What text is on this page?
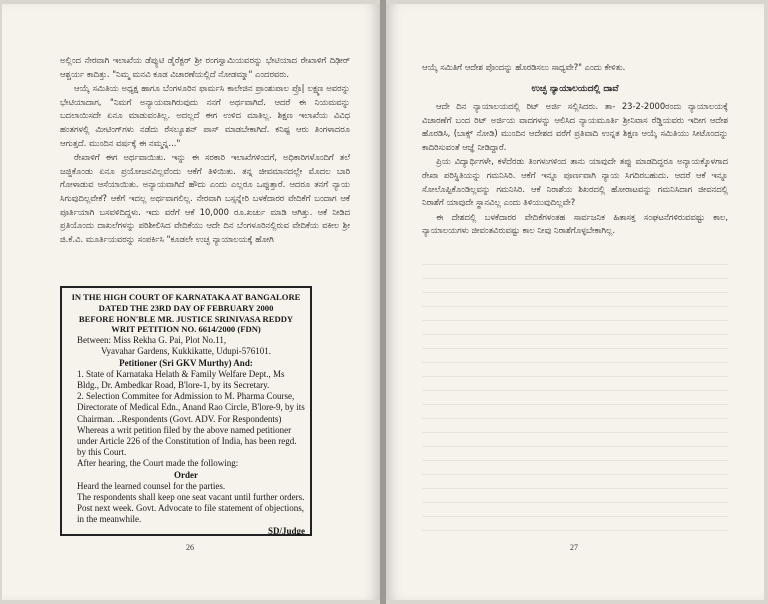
ಅಲ್ಲಿಂದ ನೇರವಾಗಿ ಇಲಾಖೆಯ ಡೆಪ್ಯುಟಿ ಡೈರೆಕ್ಟರ್ ಶ್ರೀ ರಂಗಸ್ವಾಮಿಯವರನ್ನು ಭೇಟಿಯಾದ ರೇಖಾಳಿಗೆ ದಿಢೀರ್ ಆಶ್ಚರ್ಯ ಕಾದಿತ್ತು. "ನಿಮ್ಮ ಮನವಿ ಕೂಡ ವಿಚಾರಣೆಯಲ್ಲಿದೆ ನೋಡಮ್ಮಾ" ಎಂದರವರು.

ಆಯ್ಕೆ ಸಮಿತಿಯ ಅಧ್ಯಕ್ಷ ಹಾಗೂ ಬೆಂಗಳೂರಿನ ಫಾರ್ಮಸಿ ಕಾಲೇಜಿನ ಪ್ರಾಂಶುಪಾಲ ಪ್ರೊ| ಲಕ್ಷ್ಮಣ ಅವರನ್ನು ಭೇಟಿಯಾದಾಗ, "ನಿಮಗೆ ಅನ್ಯಾಯವಾಗಿರುವುದು ನನಗೆ ಅರ್ಥವಾಗಿದೆ. ಆದರೆ ಈ ನಿಯಮವನ್ನು ಬದಲಾಯಿಸದೇ ಏನೂ ಮಾಡುವಂತಿಲ್ಲ. ಅದಲ್ಲದೆ ಈಗ ಉಳಿದ ಮಾತಿಲ್ಲ. ಶಿಕ್ಷಣ ಇಲಾಖೆಯ ವಿವಿಧ ಹಂತಗಳಲ್ಲಿ ಮೀಟಿಂಗ್‌ಗಳು ನಡೆದು ರೆಸಲ್ಯೂಶನ್ ಪಾಸ್ ಮಾಡಬೇಕಾಗಿದೆ. ಕನಿಷ್ಟ ಆರು ತಿಂಗಳಾದರೂ ಆಗುತ್ತದೆ. ಮುಂದಿನ ವರ್ಷಕ್ಕೆ ಈ ನಮ್ಮನ್ನ..."

ರೇಖಾಳಿಗೆ ಈಗ ಅರ್ಥವಾಯಿತು. ಇನ್ನು ಈ ಸರಕಾರಿ ಇಲಾಖೆಗಳಿಂದಗೆ, ಅಧಿಕಾರಿಗಳೊಂದಿಗೆ ತಲೆ ಜಜ್ಜಿಕೊಂಡು ಏನೂ ಪ್ರಯೋಜನವಿಲ್ಲವೆಂದು ಆಕೆಗೆ ತಿಳಿಯಿತು. ತನ್ನ ಜೀವಮಾನದಲ್ಲೇ ಮೊದಲ ಬಾರಿ ಗೋಳಾಡುವ ಆಸೆಯಾಯಿತು. ಅನ್ಯಾಯವಾಗಿದೆ ಹೌದು ಎಂದು ಎಲ್ಲರೂ ಒಪ್ಪುತ್ತಾರೆ. ಆದರೂ ತನಗೆ ನ್ಯಾಯ ಸಿಗುವುದಿಲ್ಲವೇಕೆ? ಆಕೆಗೆ ಇದಲ್ಲ ಅರ್ಥವಾಗಲಿಲ್ಲ. ನೇರವಾಗಿ ಬಸ್ಸನ್ನೇರಿ ಬಳಕೆದಾರರ ವೇದಿಕೆಗೆ ಬಂದಾಗ ಆಕೆ ಪೂರ್ತಿಯಾಗಿ ಬಸವಳಿದಿದ್ದಳು. ಇದು ವರೆಗೆ ಆಕೆ 10,000 ರೂ.ಖರ್ಚು ಮಾಡಿ ಆಗಿತ್ತು. ಆಕೆ ನೀಡಿದ ಪ್ರತಿಯೊಂದು ದಾಖಲೆಗಳನ್ನು ಪರಿಶೀಲಿಸಿದ ವೇದಿಕೆಯು ಆದೇ ದಿನ ಬೆಂಗಳೂರಿನಲ್ಲಿರುವ ವೇದಿಕೆಯ ವಕೀಲ ಶ್ರೀ ಜಿ.ಕೆ.ವಿ. ಮೂರ್ತಿಯವರನ್ನು ಸಂಪರ್ಕಿಸಿ "ಕೂಡಲೇ ಉಚ್ಛ ನ್ಯಾಯಾಲಯಕ್ಕೆ ಹೋಗಿ

IN THE HIGH COURT OF KARNATAKA AT BANGALORE
DATED THE 23RD DAY OF FEBRUARY 2000
BEFORE HON'BLE MR. JUSTICE SRINIVASA REDDY
WRIT PETITION NO. 6614/2000 (FDN)
Between: Miss Rekha G. Pai, Plot No.11,
Vyavahar Gardens, Kukkikatte, Udupi-576101.
Petitioner (Sri GKV Murthy) And:
1. State of Karnataka Helath & Family Welfare Dept., Ms Bldg., Dr. Ambedkar Road, B'lore-1, by its Secretary.
2. Selection Commitee for Admission to M. Pharma Course, Directorate of Medical Edn., Anand Rao Circle, B'lore-9, by its Chairman. ..Respondents (Govt. ADV. For Respondents)
Whereas a writ petition filed by the above named petitioner under Article 226 of the Constitution of India, has been regd. by this Court.
After hearing, the Court made the following:
Order
Heard the learned counsel for the parties.
The respondents shall keep one seat vacant until further orders.
Post next week. Govt. Advocate to file statement of objections, in the meanwhile.
SD/Judge
26
ಆಯ್ಕೆ ಸಮಿತಿಗೆ ಆದೇಶ ಪೊಂದನ್ನು ಹೊರಡಿಸಲು ಸಾಧ್ಯವೇ?" ಎಂದು ಕೇಳಿತು.
ಉಚ್ಛ ನ್ಯಾಯಾಲಯದಲ್ಲಿ ದಾವೆ

ಆದೇ ದಿನ ನ್ಯಾಯಾಲಯದಲ್ಲಿ ರಿಟ್ ಅರ್ಜಿ ಸಲ್ಲಿಸಿದರು. ತಾ- 23-2-2000ರಂದು ನ್ಯಾಯಾಲಯಕ್ಕೆ ವಿಚಾರಣೆಗೆ ಬಂದ ರಿಟ್ ಅರ್ಜಿಯ ವಾದಗಳನ್ನು ಆಲಿಸಿದ ನ್ಯಾಯಮೂರ್ತಿ ಶ್ರೀನಿವಾಸ ರೆಡ್ಡಿಯವರು ಇದೀಗ ಆದೇಶ ಹೊರಡಿಸಿ, (ಬಾಕ್ಸ್ ನೋಡಿ) ಮುಂದಿನ ಆದೇಶದ ವರೆಗೆ ಪ್ರತಿವಾದಿ ಉನ್ನತ ಶಿಕ್ಷಣ ಆಯ್ಕೆ ಸಮಿತಿಯು ಸೀಟೊಂದನ್ನು ಕಾದಿರಿಸುವಂತೆ ಆಜ್ಞೆ ನೀಡಿದ್ದಾರೆ.

ಪ್ರಿಯ ವಿದ್ಯಾರ್ಥಿಗಳೇ, ಕಳೆದೆರಡು ತಿಂಗಳುಗಳಿಂದ ತಾನು ಯಾವುದೇ ತಪ್ಪು ಮಾಡದಿದ್ದರೂ ಅನ್ಯಾಯಕ್ಕೊಳಗಾದ ರೇಖಾ ಪರಿಸ್ಥಿತಿಯನ್ನು ಗಮನಿಸಿರಿ. ಆಕೆಗೆ ಇನ್ನೂ ಪೂರ್ಣವಾಗಿ ನ್ಯಾಯ ಸಿಗದಿರಬಹುದು. ಆದರೆ ಆಕೆ ಇನ್ನೂ ಸೋಲೊಪ್ಪಿಕೊಂಡಿಲ್ಲವನ್ನು ಗಮನಿಸಿರಿ. ಆಕೆ ನಿರಾಶೆಯ ಶಿಖರದಲ್ಲಿ ಹೋರಾಟವನ್ನು ಗಮನಿಸಿದಾಗ ಜೀವನದಲ್ಲಿ ನಿರಾಶೆಗೆ ಯಾವುದೇ ಸ್ಥಾನವಿಲ್ಲ ಎಂದು ತಿಳಿಯುವುದಿಲ್ಲವೇ?

ಈ ದೇಶದಲ್ಲಿ ಬಳಕೆದಾರರ ವೇದಿಕೆಗಳಂತಹ ಸಾರ್ವಜನಿಕ ಹಿತಾಸಕ್ತ ಸಂಘಟನೆಗಳಿರುವವಷ್ಟು ಕಾಲ, ನ್ಯಾಯಾಲಯಗಳು ಜೀವಂತವಿರುವಷ್ಟು ಕಾಲ ನೀವು ನಿರಾಶೆಗೊಳ್ಳಬೇಕಾಗಿಲ್ಲ.

27
